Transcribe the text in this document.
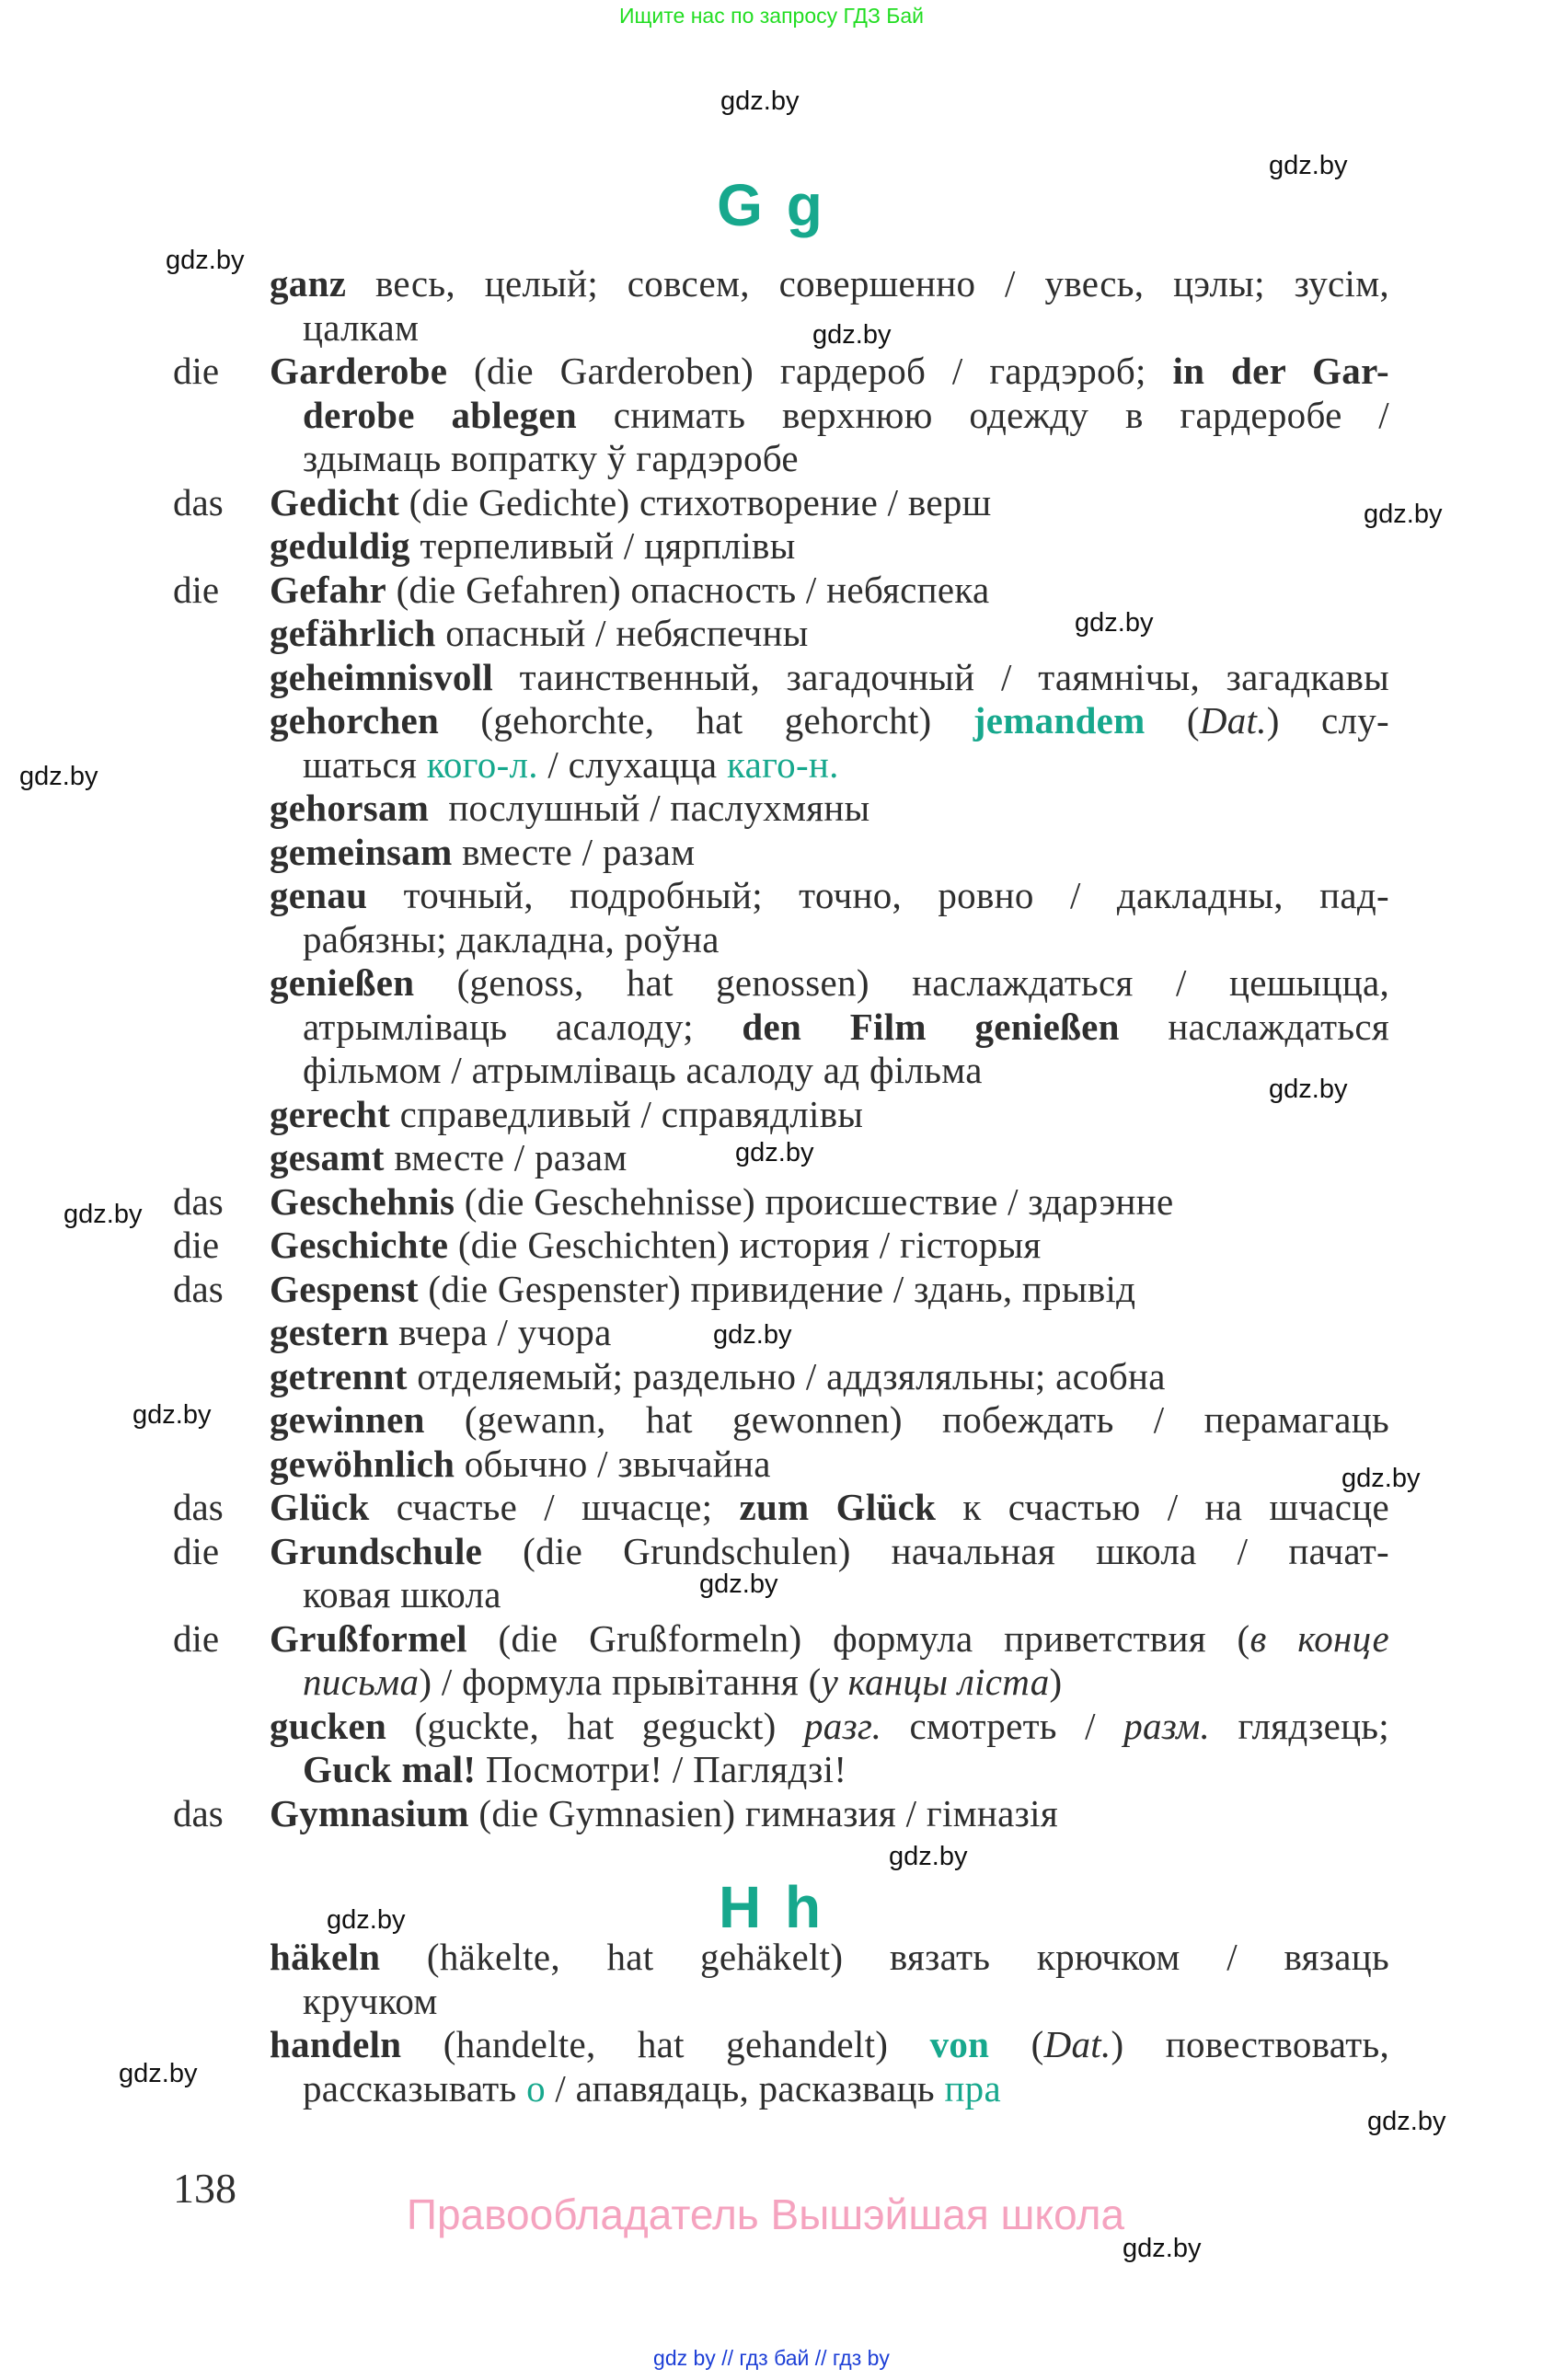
Ищите нас по запросу ГДЗ Бай
G g
H h
ganz весь, целый; совсем, совершенно / увесь, цэлы; зусім,
цалкам
die Garderobe (die Garderoben) гардероб / гардэроб; in der Gar-
derobe ablegen снимать верхнюю одежду в гардеробе /
здымаць вопратку ў гардэробе
das Gedicht (die Gedichte) стихотворение / верш
geduldig терпеливый / цярплівы
die Gefahr (die Gefahren) опасность / небяспека
gefährlich опасный / небяспечны
geheimnisvoll таинственный, загадочный / таямнічы, загадкавы
gehorchen (gehorchte, hat gehorcht) jemandem (Dat.) слу-
шаться кого-л. / слухацца каго-н.
gehorsam  послушный / паслухмяны
gemeinsam вместе / разам
genau точный, подробный; точно, ровно / дакладны, пад-
рабязны; дакладна, роўна
genießen (genoss, hat genossen) наслаждаться / цешыцца,
атрымліваць асалоду; den Film genießen наслаждаться
фільмом / атрымліваць асалоду ад фільма
gerecht справедливый / справядлівы
gesamt вместе / разам
das Geschehnis (die Geschehnisse) происшествие / здарэнне
die Geschichte (die Geschichten) история / гісторыя
das Gespenst (die Gespenster) привидение / здань, прывід
gestern вчера / учора
getrennt отделяемый; раздельно / аддзяляльны; асобна
gewinnen (gewann, hat gewonnen) побеждать / перамагаць
gewöhnlich обычно / звычайна
das Glück счастье / шчасце; zum Glück к счастью / на шчасце
die Grundschule (die Grundschulen) начальная школа / пачат-
ковая школа
die Grußformel (die Grußformeln) формула приветствия (в конце
письма) / формула прывітання (у канцы ліста)
gucken (guckte, hat geguckt) разг. смотреть / разм. глядзець;
Guck mal! Посмотри! / Паглядзі!
das Gymnasium (die Gymnasien) гимназия / гімназія
häkeln (häkelte, hat gehäkelt) вязать крючком / вязаць
кручком
handeln (handelte, hat gehandelt) von (Dat.) повествовать,
рассказывать о / апавядаць, расказваць пра
gdz.by
gdz.by
gdz.by
gdz.by
gdz.by
gdz.by
gdz.by
gdz.by
gdz.by
gdz.by
gdz.by
gdz.by
gdz.by
gdz.by
gdz.by
gdz.by
gdz.by
gdz.by
gdz.by
138
Правообладатель Вышэйшая школа
gdz by // гдз бай // гдз by
